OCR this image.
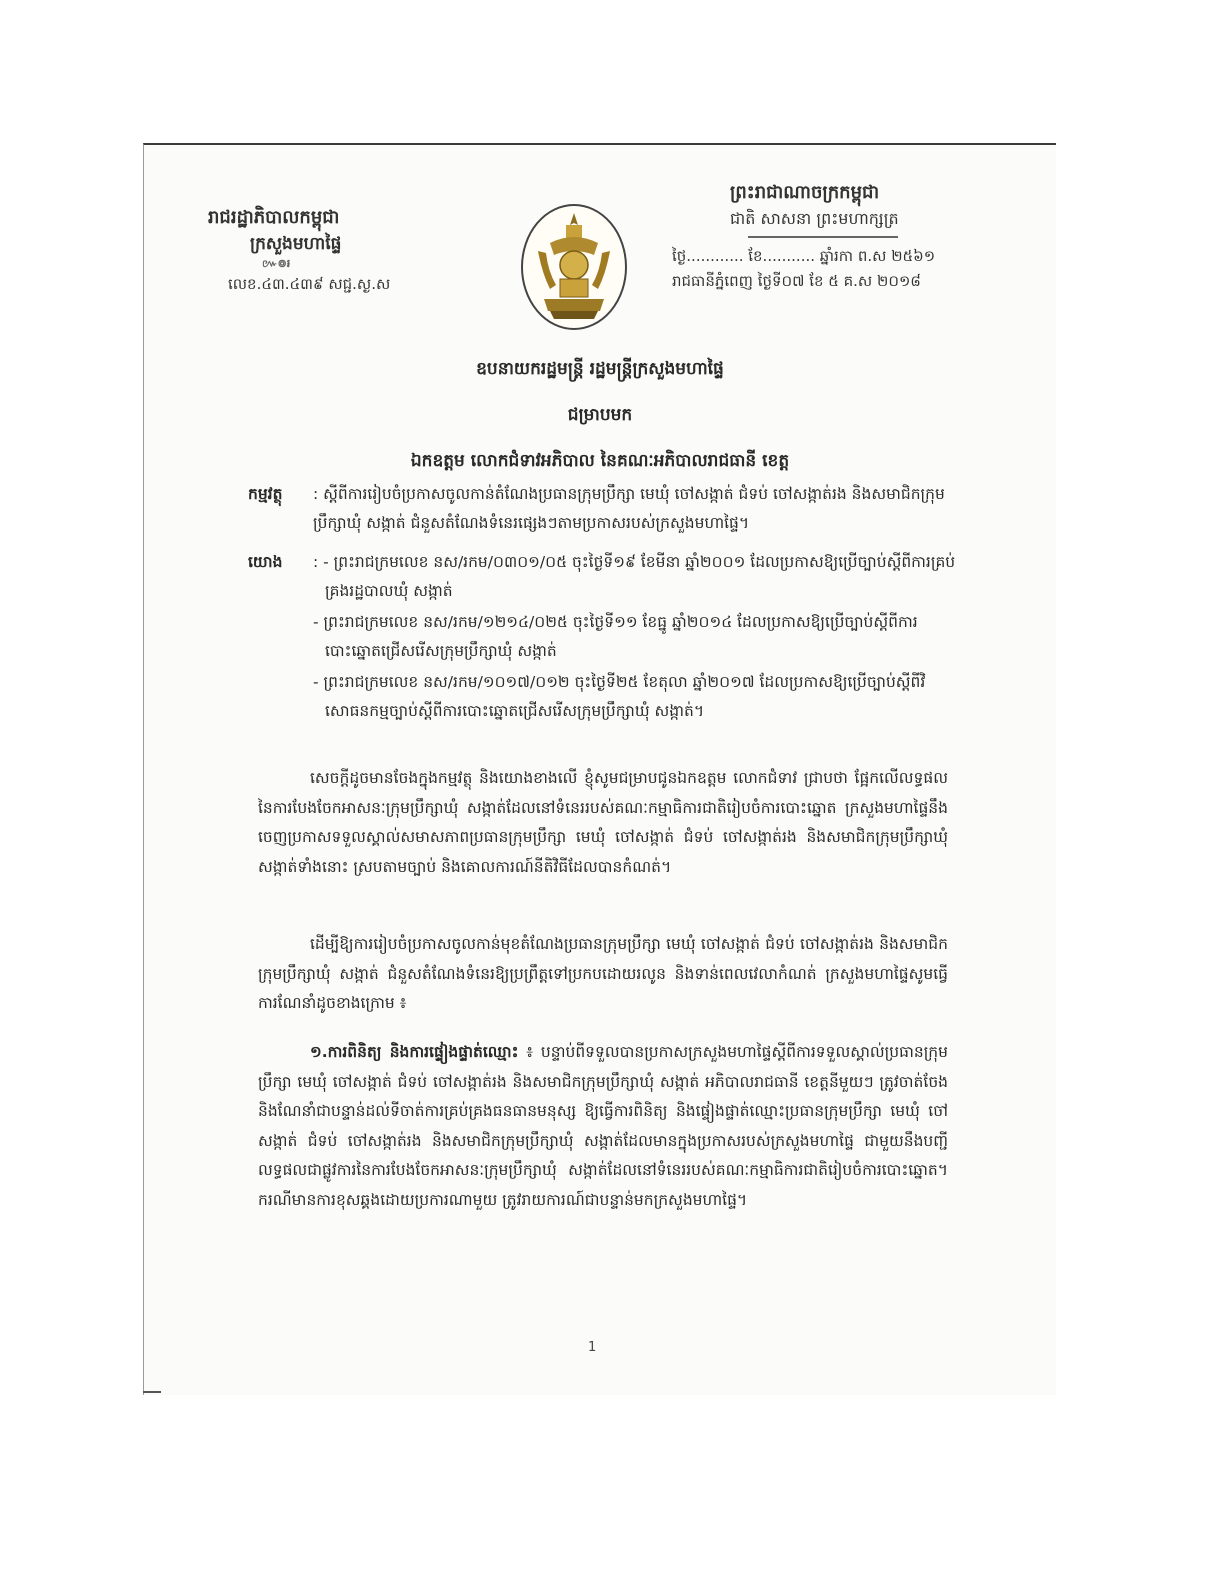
រាជរដ្ឋាភិបាលកម្ពុជា
ក្រសួងមហាផ្ទៃ
៚៙៛
លេខ.៤៣.៤៣៩ សជ្ជ.ស្ង.ស
ព្រះរាជាណាចក្រកម្ពុជា
ជាតិ សាសនា ព្រះមហាក្សត្រ
ថ្ងៃ............ ខែ........... ឆ្នាំរកា ព.ស ២៥៦១
រាជធានីភ្នំពេញ ថ្ងៃទី០៧ ខែ ៥ គ.ស ២០១៨
ឧបនាយករដ្ឋមន្ត្រី រដ្ឋមន្ត្រីក្រសួងមហាផ្ទៃ
ជម្រាបមក
ឯកឧត្តម លោកជំទាវអភិបាល នៃគណៈអភិបាលរាជធានី ខេត្ត
កម្មវត្ថុ : ស្ដីពីការរៀបចំប្រកាសចូលកាន់តំណែងប្រធានក្រុមប្រឹក្សា មេឃុំ ចៅសង្កាត់ ជំទប់ ចៅសង្កាត់រង និងសមាជិកក្រុមប្រឹក្សាឃុំ សង្កាត់ ជំនួសតំណែងទំនេរផ្សេងៗតាមប្រកាសរបស់ក្រសួងមហាផ្ទៃ។
យោង : - ព្រះរាជក្រមលេខ នស/រកម/០៣០១/០៥ ចុះថ្ងៃទី១៩ ខែមីនា ឆ្នាំ២០០១ ដែលប្រកាសឱ្យប្រើច្បាប់ស្ដីពីការគ្រប់គ្រងរដ្ឋបាលឃុំ សង្កាត់
- ព្រះរាជក្រមលេខ នស/រកម/១២១៤/០២៥ ចុះថ្ងៃទី១១ ខែធ្នូ ឆ្នាំ២០១៤ ដែលប្រកាសឱ្យប្រើច្បាប់ស្ដីពីការបោះឆ្នោតជ្រើសរើសក្រុមប្រឹក្សាឃុំ សង្កាត់
- ព្រះរាជក្រមលេខ នស/រកម/១០១៧/០១២ ចុះថ្ងៃទី២៥ ខែតុលា ឆ្នាំ២០១៧ ដែលប្រកាសឱ្យប្រើច្បាប់ស្ដីពីវិសោធនកម្មច្បាប់ស្ដីពីការបោះឆ្នោតជ្រើសរើសក្រុមប្រឹក្សាឃុំ សង្កាត់។
សេចក្ដីដូចមានចែងក្នុងកម្មវត្ថុ និងយោងខាងលើ ខ្ញុំសូមជម្រាបជូនឯកឧត្តម លោកជំទាវ ជ្រាបថា ផ្អែកលើលទ្ធផលនៃការបែងចែកអាសនៈក្រុមប្រឹក្សាឃុំ សង្កាត់ដែលនៅទំនេររបស់គណៈកម្មាធិការជាតិរៀបចំការបោះឆ្នោត ក្រសួងមហាផ្ទៃនឹងចេញប្រកាសទទួលស្គាល់សមាសភាពប្រធានក្រុមប្រឹក្សា មេឃុំ ចៅសង្កាត់ ជំទប់ ចៅសង្កាត់រង និងសមាជិកក្រុមប្រឹក្សាឃុំ សង្កាត់ទាំងនោះ ស្របតាមច្បាប់ និងគោលការណ៍នីតិវិធីដែលបានកំណត់។
ដើម្បីឱ្យការរៀបចំប្រកាសចូលកាន់មុខតំណែងប្រធានក្រុមប្រឹក្សា មេឃុំ ចៅសង្កាត់ ជំទប់ ចៅសង្កាត់រង និងសមាជិកក្រុមប្រឹក្សាឃុំ សង្កាត់ ជំនួសតំណែងទំនេរឱ្យប្រព្រឹត្តទៅប្រកបដោយរលូន និងទាន់ពេលវេលាកំណត់ ក្រសួងមហាផ្ទៃសូមធ្វើការណែនាំដូចខាងក្រោម ៖
១.ការពិនិត្យ និងការផ្ទៀងផ្ទាត់ឈ្មោះ ៖ បន្ទាប់ពីទទួលបានប្រកាសក្រសួងមហាផ្ទៃស្ដីពីការទទួលស្គាល់ប្រធានក្រុមប្រឹក្សា មេឃុំ ចៅសង្កាត់ ជំទប់ ចៅសង្កាត់រង និងសមាជិកក្រុមប្រឹក្សាឃុំ សង្កាត់ អភិបាលរាជធានី ខេត្តនីមួយៗ ត្រូវចាត់ចែង និងណែនាំជាបន្ទាន់ដល់ទីចាត់ការគ្រប់គ្រងធនធានមនុស្ស ឱ្យធ្វើការពិនិត្យ និងផ្ទៀងផ្ទាត់ឈ្មោះប្រធានក្រុមប្រឹក្សា មេឃុំ ចៅសង្កាត់ ជំទប់ ចៅសង្កាត់រង និងសមាជិកក្រុមប្រឹក្សាឃុំ សង្កាត់ដែលមានក្នុងប្រកាសរបស់ក្រសួងមហាផ្ទៃ ជាមួយនឹងបញ្ជីលទ្ធផលជាផ្លូវការនៃការបែងចែកអាសនៈក្រុមប្រឹក្សាឃុំ សង្កាត់ដែលនៅទំនេររបស់គណៈកម្មាធិការជាតិរៀបចំការបោះឆ្នោត។ ករណីមានការខុសឆ្គងដោយប្រការណាមួយ ត្រូវរាយការណ៍ជាបន្ទាន់មកក្រសួងមហាផ្ទៃ។
1
